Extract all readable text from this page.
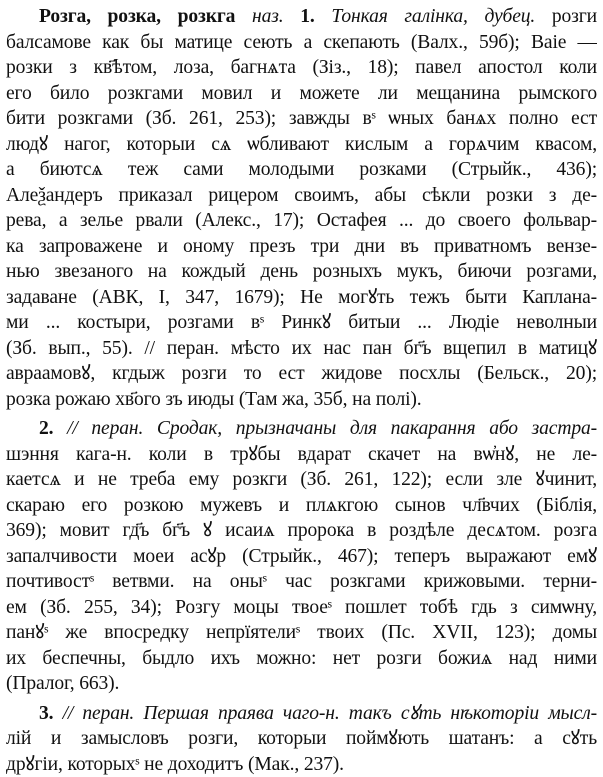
Розга, розка, розкга наз. 1. Тонкая галінка, дубец. розги
балсамове как бы матице сеють а скепають (Валх., 59б); Ваіе —
розки з кв҃ѣтом, лоза, багнѧта (Зіз., 18); павел апостол коли
его било розкгами мовил и можете ли мещанина рымского
бити розкгами (Зб. 261, 253); завжды вˢ ѡных банѧх полно ест
людꙋ нагог, которыи сѧ ѡбливают кислым а горѧчим квасом,
а биютсѧ теж сами молодыми розками (Стрыйк., 436);
Алеѯандеръ приказал рицером своимъ, абы сѣкли розки з де-
рева, а зелье рвали (Алекс., 17); Остафея ... до своего фольвар-
ка запроважене и оному презъ три дни въ приватномъ вензе-
нью звезаного на кождый день розныхъ мукъ, биючи розгами,
задаване (АВК, І, 347, 1679); Не могꙋть тежъ быти Каплана-
ми ... костыри, розгами вˢ Ринкꙋ битыи ... Людіе неволныи
(Зб. вып., 55). // перан. мѣсто их нас пан бг҃ъ вщепил в матицꙋ
авраамовꙋ, кгдыж розги то ест жидове посхлы (Бельск., 20);
розка рожаю хв҃ого зъ июды (Там жа, 35б, на полі).
2. // перан. Сродак, прызначаны для пакарання або застра-
шэння кага-н. коли в трꙋбы вдарат скачет на вѡ҆нꙋ, не ле-
каетсѧ и не треба ему розкги (Зб. 261, 122); если зле ꙋчинит,
скараю его розкою мужевъ и плѧкгою сынов чл҃вчих (Біблія,
369); мовит гд҃ъ бг҃ъ ꙋ исаиѧ пророка в роздѣле десѧтом. розга
запалчивости моеи асꙋр (Стрыйк., 467); теперъ выражают емꙋ
почтивостˢ ветвми. на оныˢ час розкгами крижовыми. терни-
ем (Зб. 255, 34); Розгу моцы твоеˢ пошлет тобѣ гдь з симѡну,
панꙋˢ же впосредку непрїятелиˢ твоих (Пс. XVII, 123); домы
их беспечны, быдло ихъ можно: нет розги божиѧ над ними
(Пралог, 663).
3. // перан. Першая праява чаго-н. такъ сꙋть нѣкоторіи мысл-
лій и замысловъ розги, которыи поймꙋють шатанъ: а сꙋть
дрꙋгіи, которыхˢ не доходитъ (Мак., 237).
